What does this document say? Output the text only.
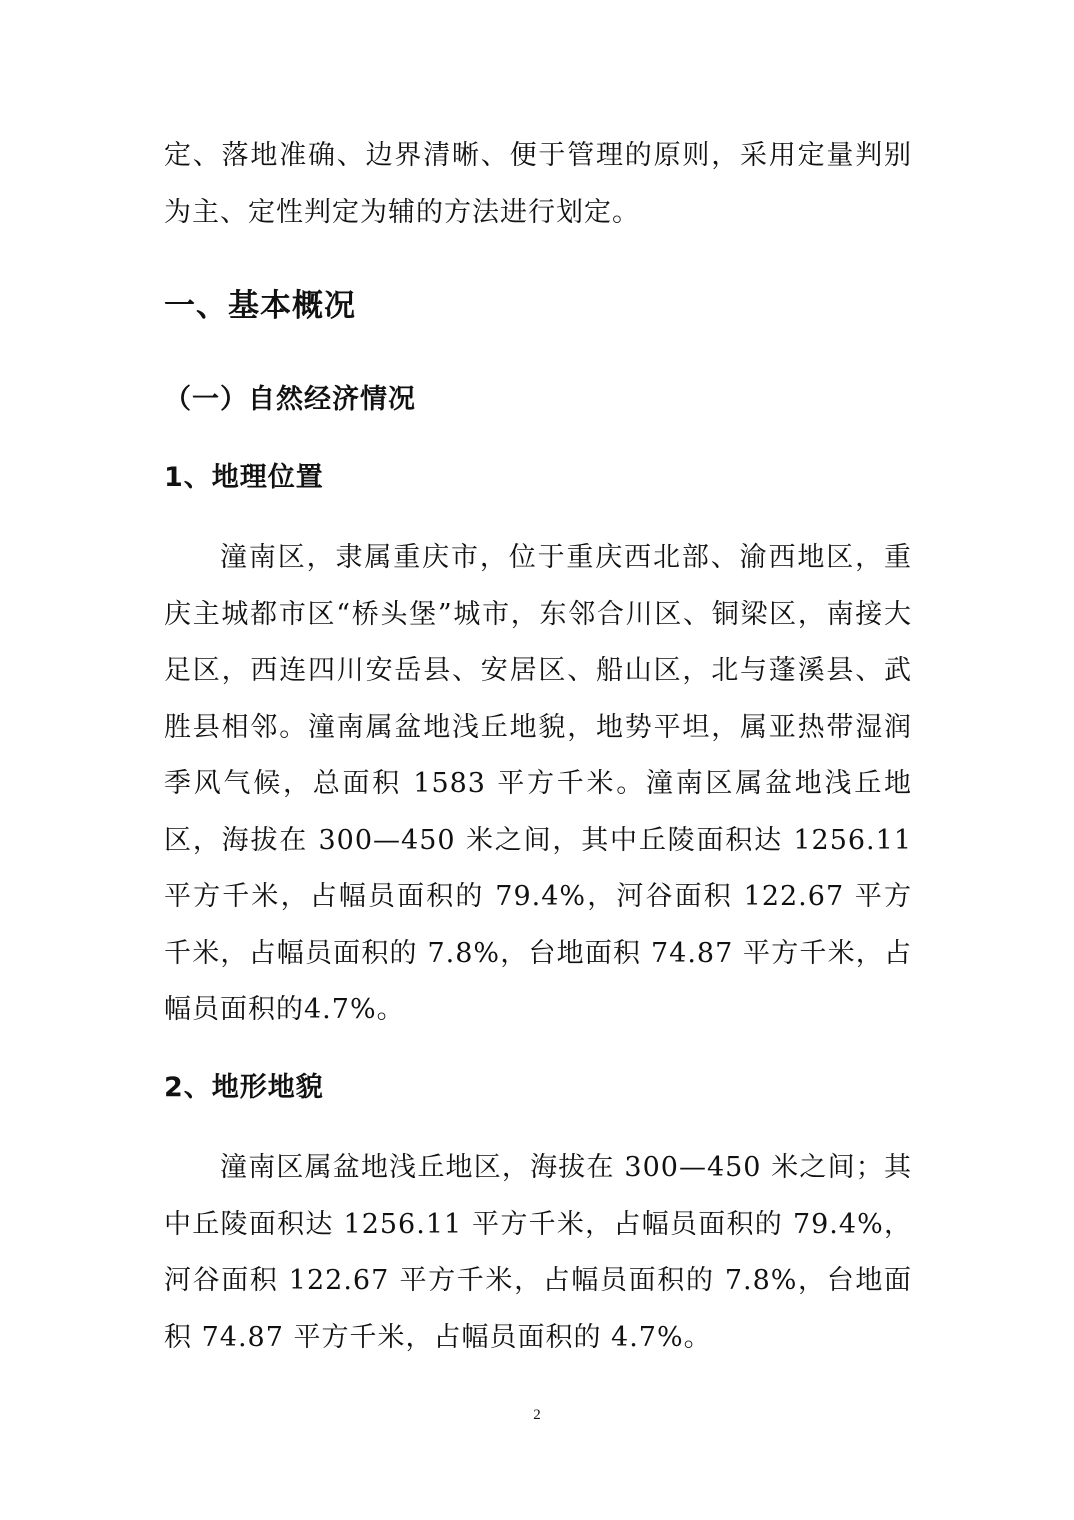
定、落地准确、边界清晰、便于管理的原则，采用定量判别为主、定性判定为辅的方法进行划定。

一、基本概况
（一）自然经济情况
1、地理位置

潼南区，隶属重庆市，位于重庆西北部、渝西地区，重庆主城都市区“桥头堡”城市，东邻合川区、铜梁区，南接大足区，西连四川安岳县、安居区、船山区，北与蓬溪县、武胜县相邻。潼南属盆地浅丘地貌，地势平坦，属亚热带湿润季风气候，总面积 1583 平方千米。潼南区属盆地浅丘地区，海拔在 300—450 米之间，其中丘陵面积达 1256.11 平方千米，占幅员面积的 79.4%，河谷面积 122.67 平方千米，占幅员面积的 7.8%，台地面积 74.87 平方千米，占幅员面积的4.7%。

2、地形地貌

潼南区属盆地浅丘地区，海拔在 300—450 米之间；其中丘陵面积达 1256.11 平方千米，占幅员面积的 79.4%，河谷面积 122.67 平方千米，占幅员面积的 7.8%，台地面积 74.87 平方千米，占幅员面积的 4.7%。

2
